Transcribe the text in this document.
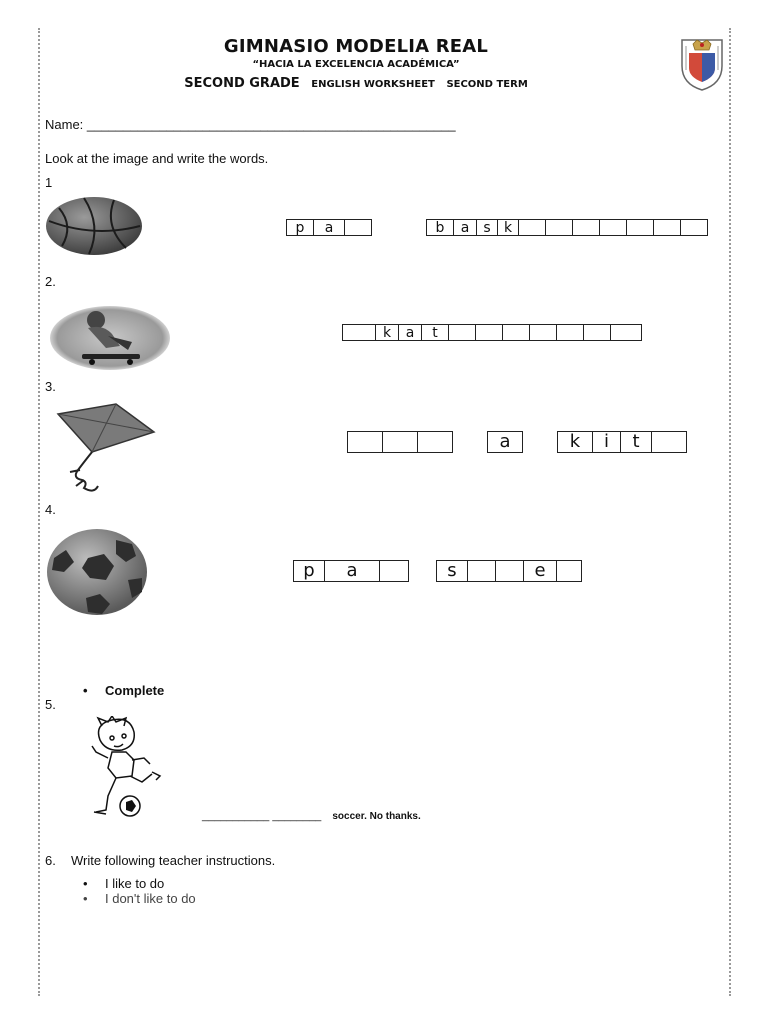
GIMNASIO MODELIA REAL
“HACIA LA EXCELENCIA ACADÉMICA”
SECOND GRADE ENGLISH WORKSHEET SECOND TERM
Name: ___________________________________________________
Look at the image and write the words.
1
p	a	b	a	s k
2.
k	a	t
3.
a	k	i	t
4.
p	a	s	e
• Complete
5.
___________ ________ soccer. No thanks.
6. Write following teacher instructions.
• I like to do
• I don't like to do
